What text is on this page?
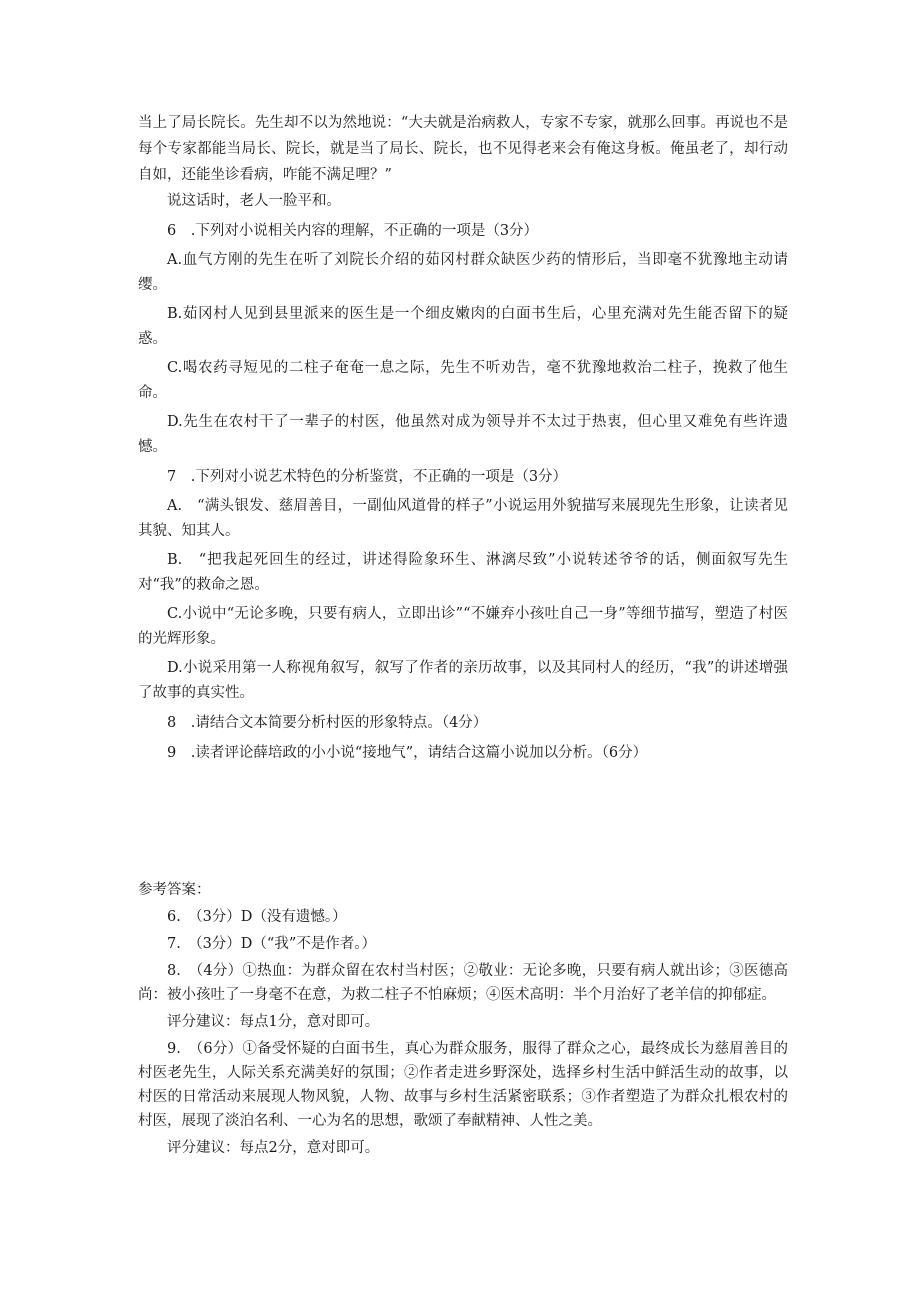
当上了局长院长。先生却不以为然地说：“大夫就是治病救人，专家不专家，就那么回事。再说也不是每个专家都能当局长、院长，就是当了局长、院长，也不见得老来会有俺这身板。俺虽老了，却行动自如，还能坐诊看病，咋能不满足哩？”

说这话时，老人一脸平和。

6　.下列对小说相关内容的理解，不正确的一项是（3分）

A.血气方刚的先生在听了刘院长介绍的茹冈村群众缺医少药的情形后，当即毫不犹豫地主动请缨。

B.茹冈村人见到县里派来的医生是一个细皮嫩肉的白面书生后，心里充满对先生能否留下的疑惑。

C.喝农药寻短见的二柱子奄奄一息之际，先生不听劝告，毫不犹豫地救治二柱子，挽救了他生命。

D.先生在农村干了一辈子的村医，他虽然对成为领导并不太过于热衷，但心里又难免有些许遗憾。

7　.下列对小说艺术特色的分析鉴赏，不正确的一项是（3分）

A.　“满头银发、慈眉善目，一副仙风道骨的样子”小说运用外貌描写来展现先生形象，让读者见其貌、知其人。

B.　“把我起死回生的经过，讲述得险象环生、淋漓尽致”小说转述爷爷的话，侧面叙写先生对“我”的救命之恩。

C.小说中“无论多晚，只要有病人，立即出诊”“不嫌弃小孩吐自己一身”等细节描写，塑造了村医的光辉形象。

D.小说采用第一人称视角叙写，叙写了作者的亲历故事，以及其同村人的经历，“我”的讲述增强了故事的真实性。

8　.请结合文本简要分析村医的形象特点。（4分）

9　.读者评论薛培政的小小说“接地气”，请结合这篇小说加以分析。（6分）

参考答案：

6.　（3分）D（没有遗憾。）

7.　（3分）D（“我”不是作者。）

8.　（4分）①热血：为群众留在农村当村医；②敬业：无论多晚，只要有病人就出诊；③医德高尚：被小孩吐了一身毫不在意，为救二柱子不怕麻烦；④医术高明：半个月治好了老羊信的抑郁症。

评分建议：每点1分，意对即可。

9.　（6分）①备受怀疑的白面书生，真心为群众服务，服得了群众之心，最终成长为慈眉善目的村医老先生，人际关系充满美好的氛围；②作者走进乡野深处，选择乡村生活中鲜活生动的故事，以村医的日常活动来展现人物风貌，人物、故事与乡村生活紧密联系；③作者塑造了为群众扎根农村的村医，展现了淡泊名利、一心为名的思想，歌颂了奉献精神、人性之美。

评分建议：每点2分，意对即可。
